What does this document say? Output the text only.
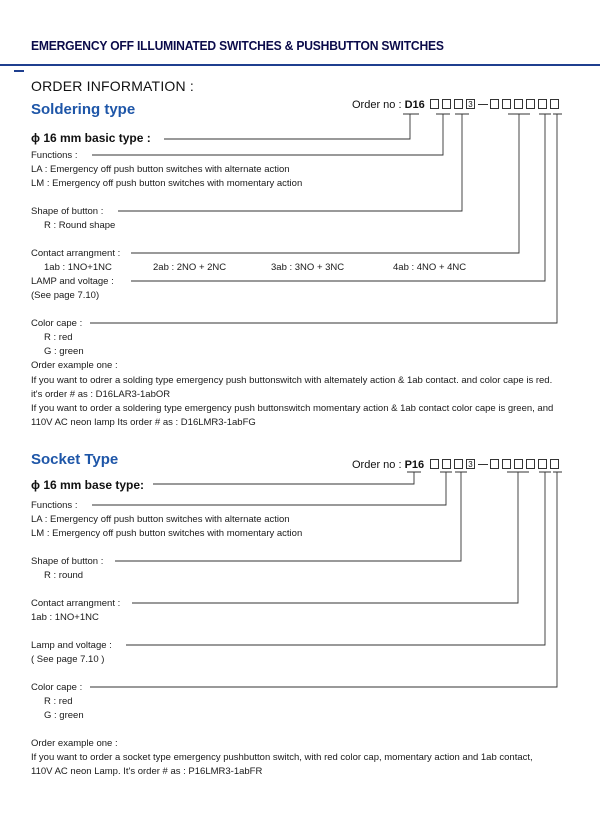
EMERGENCY OFF ILLUMINATED SWITCHES & PUSHBUTTON SWITCHES
ORDER INFORMATION :
Soldering type	Order no : D16	3
ϕ 16 mm basic type :
Functions :
LA : Emergency off push button switches with alternate action
LM : Emergency off push button switches with momentary action
Shape of button :
R : Round shape
Contact arrangment :
1ab : 1NO+1NC	2ab : 2NO + 2NC	3ab : 3NO + 3NC	4ab : 4NO + 4NC
LAMP and voltage :
(See page 7.10)
Color cape :
R : red
G : green
Order example one :
If you want to odrer a solding type emergency push buttonswitch with altemately action & 1ab contact. and color cape is red.
it's order # as : D16LAR3-1abOR
If you want to order a soldering type emergency push buttonswitch momentary action & 1ab contact color cape is green, and
110V AC neon lamp Its order # as : D16LMR3-1abFG
Socket Type	Order no : P16	3
ϕ 16 mm base type:
Functions :
LA : Emergency off push button switches with alternate action
LM : Emergency off push button switches with momentary action
Shape of button :
R : round
Contact arrangment :
1ab : 1NO+1NC
Lamp and voltage :
( See page 7.10 )
Color cape :
R : red
G : green
Order example one :
If you want to order a socket type emergency pushbutton switch, with red color cap, momentary action and 1ab contact,
110V AC neon Lamp. It's order # as : P16LMR3-1abFR
